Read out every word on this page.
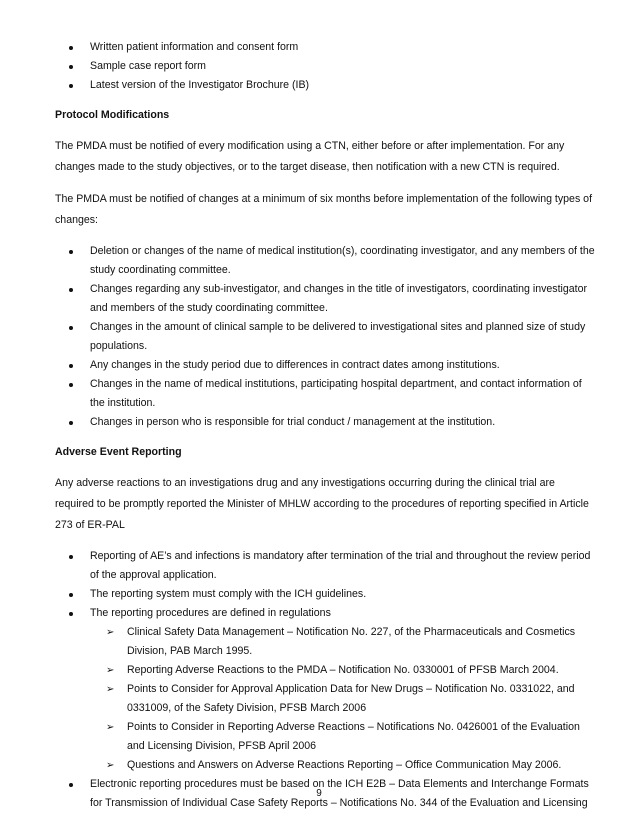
Written patient information and consent form
Sample case report form
Latest version of the Investigator Brochure (IB)
Protocol Modifications

The PMDA must be notified of every modification using a CTN, either before or after implementation. For any changes made to the study objectives, or to the target disease, then notification with a new CTN is required.

The PMDA must be notified of changes at a minimum of six months before implementation of the following types of changes:

Deletion or changes of the name of medical institution(s), coordinating investigator, and any members of the study coordinating committee.
Changes regarding any sub-investigator, and changes in the title of investigators, coordinating investigator and members of the study coordinating committee.
Changes in the amount of clinical sample to be delivered to investigational sites and planned size of study populations.
Any changes in the study period due to differences in contract dates among institutions.
Changes in the name of medical institutions, participating hospital department, and contact information of the institution.
Changes in person who is responsible for trial conduct / management at the institution.
Adverse Event Reporting

Any adverse reactions to an investigations drug and any investigations occurring during the clinical trial are required to be promptly reported the Minister of MHLW according to the procedures of reporting specified in Article 273 of ER-PAL

Reporting of AE’s and infections is mandatory after termination of the trial and throughout the review period of the approval application.
The reporting system must comply with the ICH guidelines.
The reporting procedures are defined in regulations
➢ Clinical Safety Data Management – Notification No. 227, of the Pharmaceuticals and Cosmetics Division, PAB March 1995.
➢ Reporting Adverse Reactions to the PMDA – Notification No. 0330001 of PFSB March 2004.
➢ Points to Consider for Approval Application Data for New Drugs – Notification No. 0331022, and 0331009, of the Safety Division, PFSB March 2006
➢ Points to Consider in Reporting Adverse Reactions – Notifications No. 0426001 of the Evaluation and Licensing Division, PFSB April 2006
➢ Questions and Answers on Adverse Reactions Reporting – Office Communication May 2006.
Electronic reporting procedures must be based on the ICH E2B – Data Elements and Interchange Formats for Transmission of Individual Case Safety Reports – Notifications No. 344 of the Evaluation and Licensing
9
